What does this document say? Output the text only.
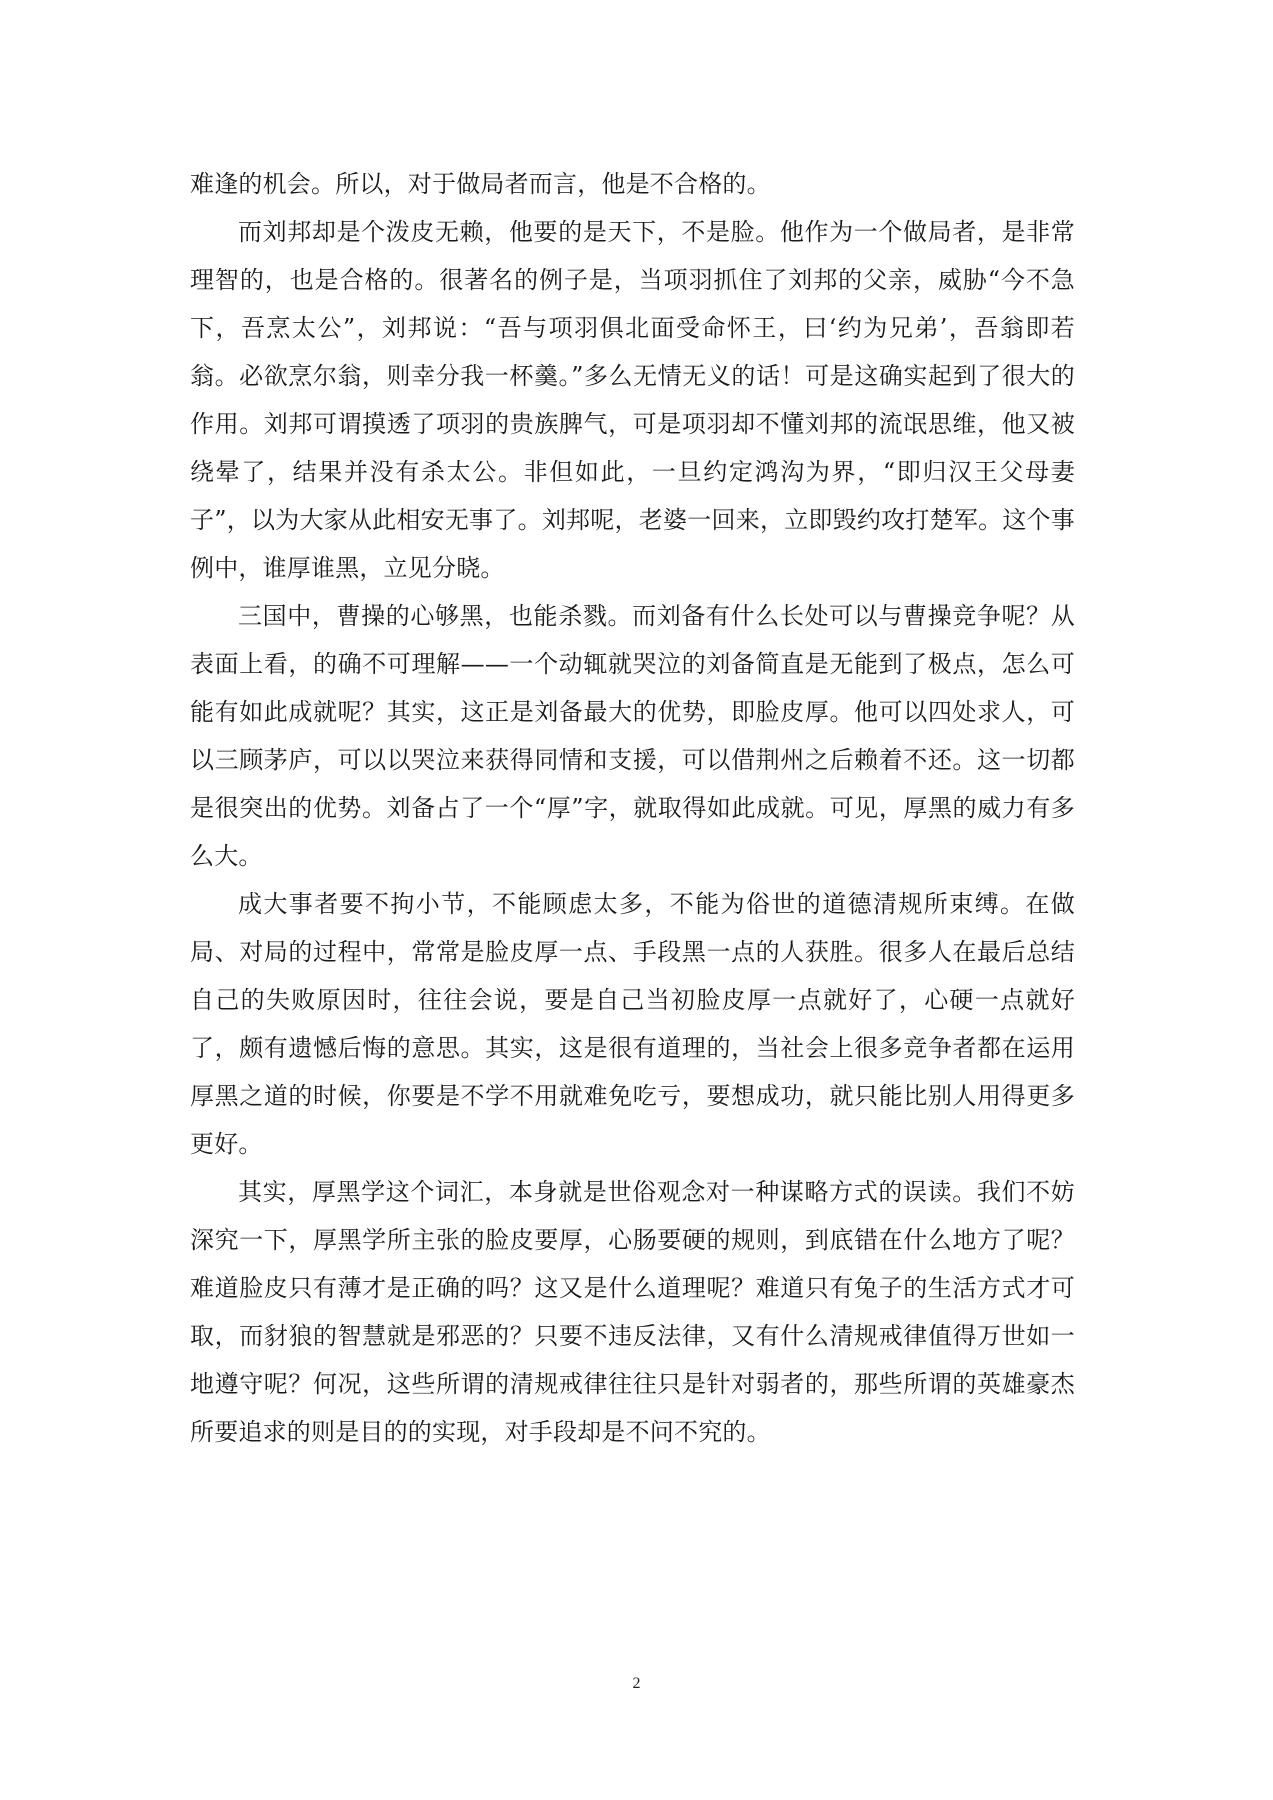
难逢的机会。所以，对于做局者而言，他是不合格的。

而刘邦却是个泼皮无赖，他要的是天下，不是脸。他作为一个做局者，是非常理智的，也是合格的。很著名的例子是，当项羽抓住了刘邦的父亲，威胁“今不急下，吾烹太公”，刘邦说：“吾与项羽俱北面受命怀王，曰‘约为兄弟’，吾翁即若翁。必欲烹尔翁，则幸分我一杯羹。”多么无情无义的话！可是这确实起到了很大的作用。刘邦可谓摸透了项羽的贵族脾气，可是项羽却不懂刘邦的流氓思维，他又被绕晕了，结果并没有杀太公。非但如此，一旦约定鸿沟为界，“即归汉王父母妻子”，以为大家从此相安无事了。刘邦呢，老婆一回来，立即毁约攻打楚军。这个事例中，谁厚谁黑，立见分晓。

三国中，曹操的心够黑，也能杀戮。而刘备有什么长处可以与曹操竞争呢？从表面上看，的确不可理解——一个动辄就哭泣的刘备简直是无能到了极点，怎么可能有如此成就呢？其实，这正是刘备最大的优势，即脸皮厚。他可以四处求人，可以三顾茅庐，可以以哭泣来获得同情和支援，可以借荆州之后赖着不还。这一切都是很突出的优势。刘备占了一个“厚”字，就取得如此成就。可见，厚黑的威力有多么大。

成大事者要不拘小节，不能顾虑太多，不能为俗世的道德清规所束缚。在做局、对局的过程中，常常是脸皮厚一点、手段黑一点的人获胜。很多人在最后总结自己的失败原因时，往往会说，要是自己当初脸皮厚一点就好了，心硬一点就好了，颇有遗憾后悔的意思。其实，这是很有道理的，当社会上很多竞争者都在运用厚黑之道的时候，你要是不学不用就难免吃亏，要想成功，就只能比别人用得更多更好。

其实，厚黑学这个词汇，本身就是世俗观念对一种谋略方式的误读。我们不妨深究一下，厚黑学所主张的脸皮要厚，心肠要硬的规则，到底错在什么地方了呢？难道脸皮只有薄才是正确的吗？这又是什么道理呢？难道只有兔子的生活方式才可取，而豺狼的智慧就是邪恶的？只要不违反法律，又有什么清规戒律值得万世如一地遵守呢？何况，这些所谓的清规戒律往往只是针对弱者的，那些所谓的英雄豪杰所要追求的则是目的的实现，对手段却是不问不究的。

2
